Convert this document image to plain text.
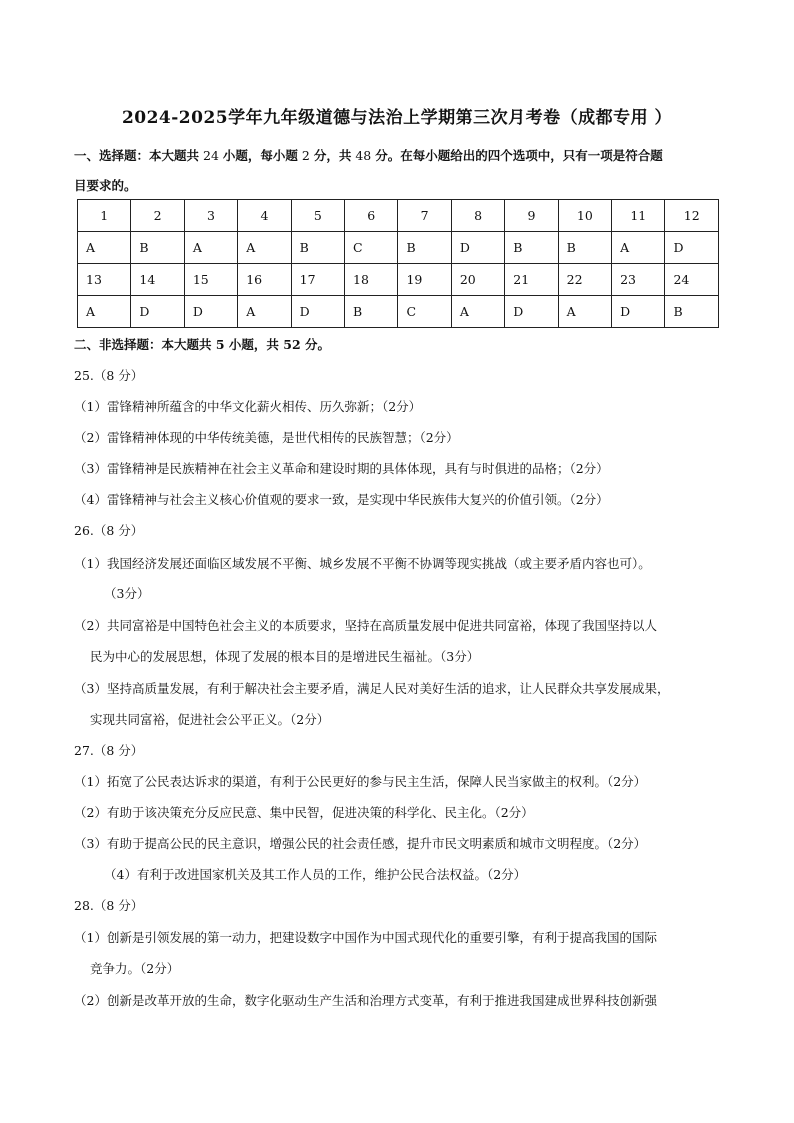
2024-2025学年九年级道德与法治上学期第三次月考卷（成都专用 ）
一、选择题：本大题共 24 小题，每小题 2 分，共 48 分。在每小题给出的四个选项中，只有一项是符合题
目要求的。
1	2	3	4	5	6	7	8	9	10	11	12
A	B	A	A	B	C	B	D	B	B	A	D
13	14	15	16	17	18	19	20	21	22	23	24
A	D	D	A	D	B	C	A	D	A	D	B
二、非选择题：本大题共 5 小题，共 52 分。
25.（8 分）
（1）雷锋精神所蕴含的中华文化薪火相传、历久弥新；（2分）
（2）雷锋精神体现的中华传统美德，是世代相传的民族智慧；（2分）
（3）雷锋精神是民族精神在社会主义革命和建设时期的具体体现，具有与时俱进的品格；（2分）
（4）雷锋精神与社会主义核心价值观的要求一致，是实现中华民族伟大复兴的价值引领。（2分）
26.（8 分）
（1）我国经济发展还面临区域发展不平衡、城乡发展不平衡不协调等现实挑战（或主要矛盾内容也可）。
（3分）
（2）共同富裕是中国特色社会主义的本质要求，坚持在高质量发展中促进共同富裕，体现了我国坚持以人
民为中心的发展思想，体现了发展的根本目的是增进民生福祉。（3分）
（3）坚持高质量发展，有利于解决社会主要矛盾，满足人民对美好生活的追求，让人民群众共享发展成果，
实现共同富裕，促进社会公平正义。（2分）
27.（8 分）
（1）拓宽了公民表达诉求的渠道，有利于公民更好的参与民主生活，保障人民当家做主的权利。（2分）
（2）有助于该决策充分反应民意、集中民智，促进决策的科学化、民主化。（2分）
（3）有助于提高公民的民主意识，增强公民的社会责任感，提升市民文明素质和城市文明程度。（2分）
（4）有利于改进国家机关及其工作人员的工作，维护公民合法权益。（2分）
28.（8 分）
（1）创新是引领发展的第一动力，把建设数字中国作为中国式现代化的重要引擎，有利于提高我国的国际
竞争力。（2分）
（2）创新是改革开放的生命，数字化驱动生产生活和治理方式变革，有利于推进我国建成世界科技创新强
